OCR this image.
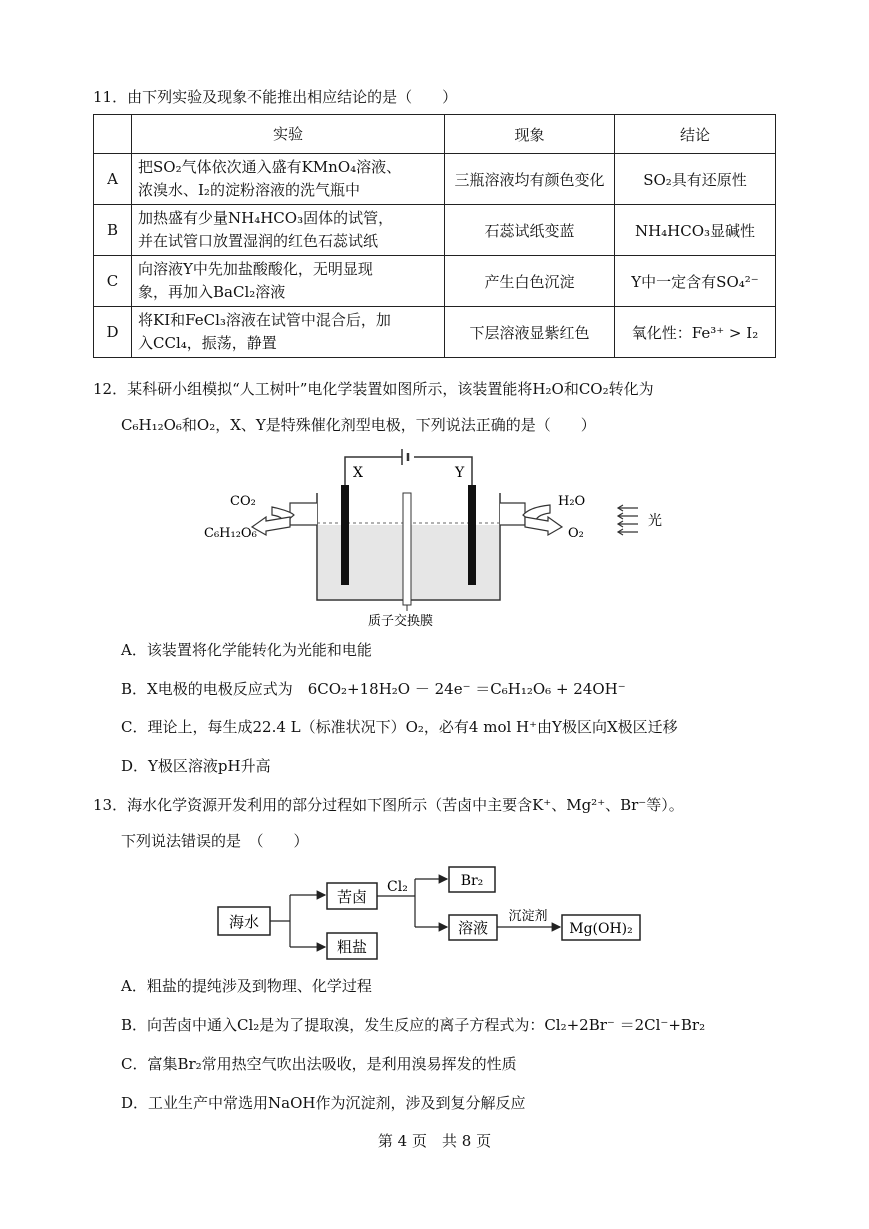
11．由下列实验及现象不能推出相应结论的是（　　）
	实验	现象	结论
A	把SO₂气体依次通入盛有KMnO₄溶液、
浓溴水、I₂的淀粉溶液的洗气瓶中	三瓶溶液均有颜色变化	SO₂具有还原性
B	加热盛有少量NH₄HCO₃固体的试管，
并在试管口放置湿润的红色石蕊试纸	石蕊试纸变蓝	NH₄HCO₃显碱性
C	向溶液Y中先加盐酸酸化，无明显现
象，再加入BaCl₂溶液	产生白色沉淀	Y中一定含有SO₄²⁻
D	将KI和FeCl₃溶液在试管中混合后，加
入CCl₄，振荡，静置	下层溶液显紫红色	氧化性：Fe³⁺ > I₂
12．某科研小组模拟“人工树叶”电化学装置如图所示，该装置能将H₂O和CO₂转化为
C₆H₁₂O₆和O₂，X、Y是特殊催化剂型电极，下列说法正确的是（　　）
X	Y
质子交换膜
CO₂
C₆H₁₂O₆
H₂O
O₂
光
A．该装置将化学能转化为光能和电能
B．X电极的电极反应式为　6CO₂+18H₂O － 24e⁻ ＝C₆H₁₂O₆ + 24OH⁻
C．理论上，每生成22.4 L（标准状况下）O₂，必有4 mol H⁺由Y极区向X极区迁移
D．Y极区溶液pH升高
13．海水化学资源开发利用的部分过程如下图所示（苦卤中主要含K⁺、Mg²⁺、Br⁻等）。
下列说法错误的是　（　　）
海水
苦卤
粗盐
Cl₂	Br₂
溶液
沉淀剂
Mg(OH)₂
A．粗盐的提纯涉及到物理、化学过程
B．向苦卤中通入Cl₂是为了提取溴，发生反应的离子方程式为：Cl₂+2Br⁻ ＝2Cl⁻+Br₂
C．富集Br₂常用热空气吹出法吸收，是利用溴易挥发的性质
D．工业生产中常选用NaOH作为沉淀剂，涉及到复分解反应
第 4 页　共 8 页
